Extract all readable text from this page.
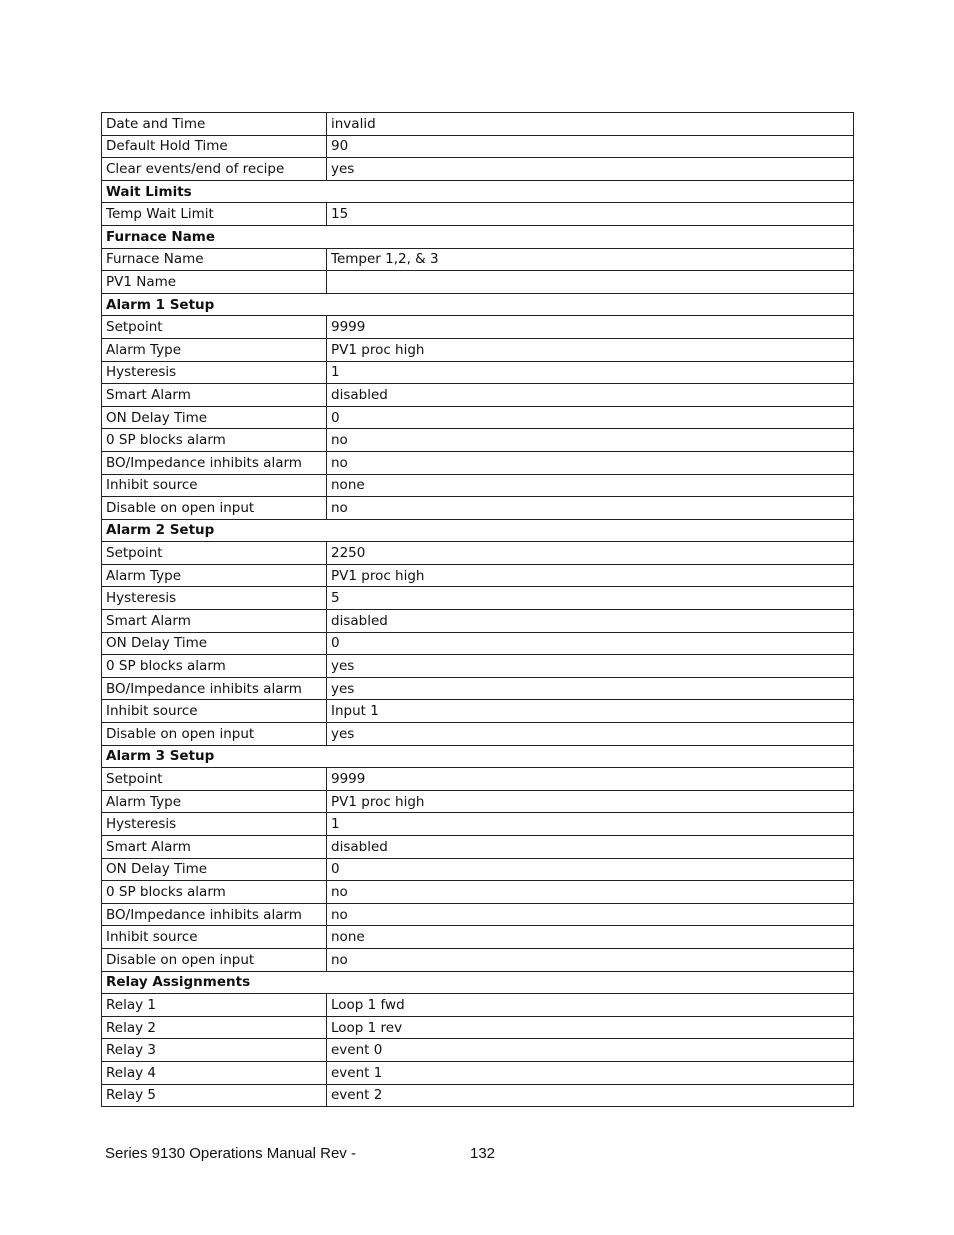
Date and Time	invalid
Default Hold Time	90
Clear events/end of recipe	yes
Wait Limits	
Temp Wait Limit	15
Furnace Name	
Furnace Name	Temper 1,2, & 3
PV1 Name	
Alarm 1 Setup	
Setpoint	9999
Alarm Type	PV1 proc high
Hysteresis	1
Smart Alarm	disabled
ON Delay Time	0
0 SP blocks alarm	no
BO/Impedance inhibits alarm	no
Inhibit source	none
Disable on open input	no
Alarm 2 Setup	
Setpoint	2250
Alarm Type	PV1 proc high
Hysteresis	5
Smart Alarm	disabled
ON Delay Time	0
0 SP blocks alarm	yes
BO/Impedance inhibits alarm	yes
Inhibit source	Input 1
Disable on open input	yes
Alarm 3 Setup	
Setpoint	9999
Alarm Type	PV1 proc high
Hysteresis	1
Smart Alarm	disabled
ON Delay Time	0
0 SP blocks alarm	no
BO/Impedance inhibits alarm	no
Inhibit source	none
Disable on open input	no
Relay Assignments	
Relay 1	Loop 1 fwd
Relay 2	Loop 1 rev
Relay 3	event 0
Relay 4	event 1
Relay 5	event 2
Series 9130 Operations Manual Rev -	132
